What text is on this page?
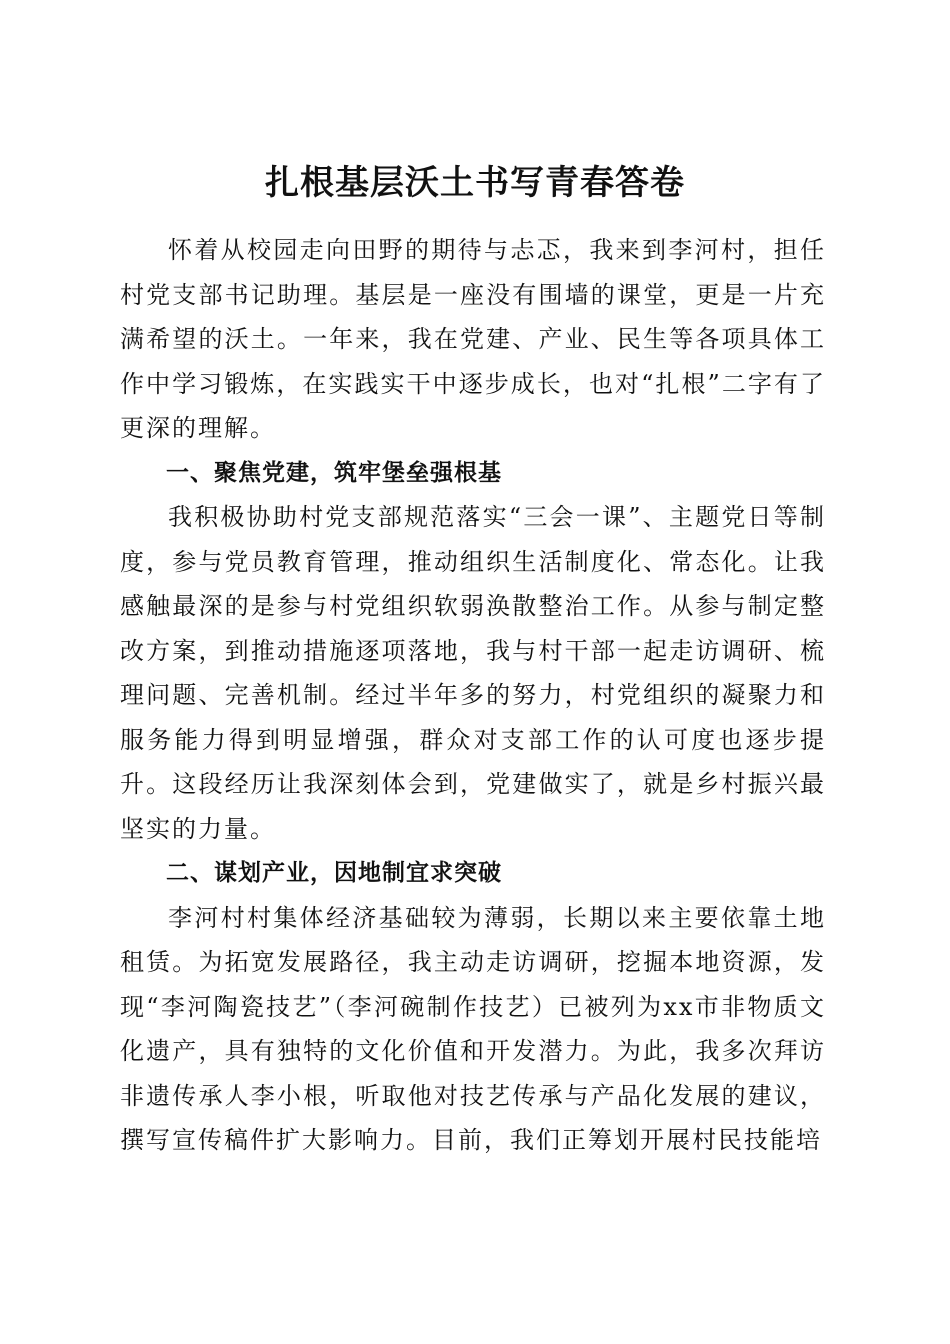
扎根基层沃土书写青春答卷

怀着从校园走向田野的期待与忐忑，我来到李河村，担任村党支部书记助理。基层是一座没有围墙的课堂，更是一片充满希望的沃土。一年来，我在党建、产业、民生等各项具体工作中学习锻炼，在实践实干中逐步成长，也对“扎根”二字有了更深的理解。

一、聚焦党建，筑牢堡垒强根基

我积极协助村党支部规范落实“三会一课”、主题党日等制度，参与党员教育管理，推动组织生活制度化、常态化。让我感触最深的是参与村党组织软弱涣散整治工作。从参与制定整改方案，到推动措施逐项落地，我与村干部一起走访调研、梳理问题、完善机制。经过半年多的努力，村党组织的凝聚力和服务能力得到明显增强，群众对支部工作的认可度也逐步提升。这段经历让我深刻体会到，党建做实了，就是乡村振兴最坚实的力量。

二、谋划产业，因地制宜求突破

李河村村集体经济基础较为薄弱，长期以来主要依靠土地租赁。为拓宽发展路径，我主动走访调研，挖掘本地资源，发现“李河陶瓷技艺”（李河碗制作技艺）已被列为xx市非物质文化遗产，具有独特的文化价值和开发潜力。为此，我多次拜访非遗传承人李小根，听取他对技艺传承与产品化发展的建议，撰写宣传稿件扩大影响力。目前，我们正筹划开展村民技能培
